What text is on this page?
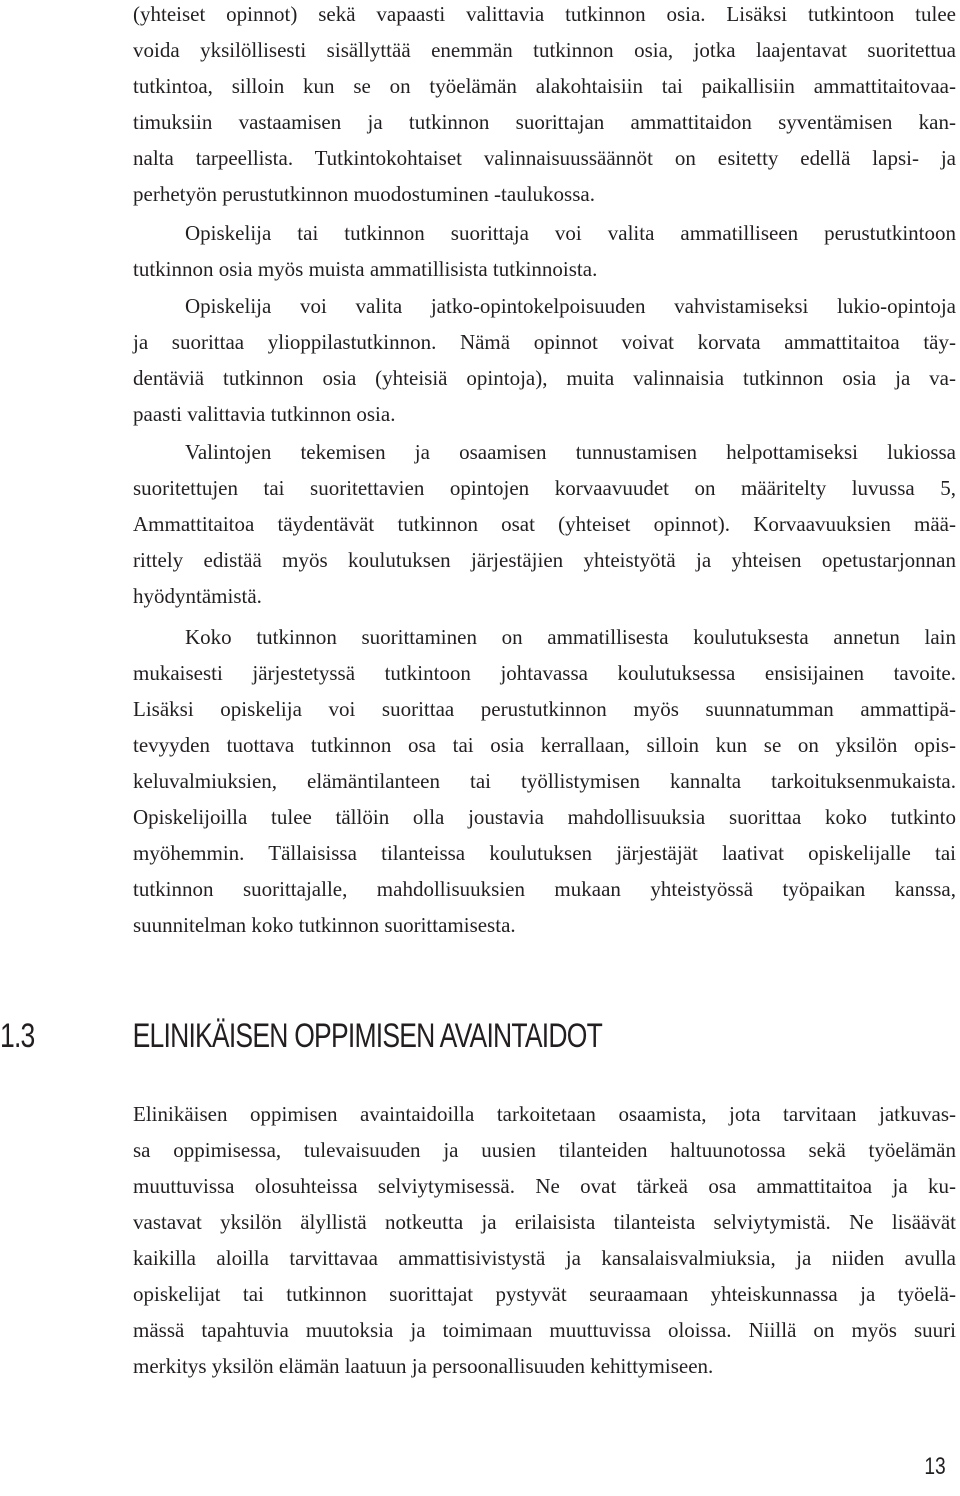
(yhteiset opinnot) sekä vapaasti valittavia tutkinnon osia. Lisäksi tutkintoon tulee
voida yksilöllisesti sisällyttää enemmän tutkinnon osia, jotka laajentavat suoritettua
tutkintoa, silloin kun se on työelämän alakohtaisiin tai paikallisiin ammattitaitovaa-
timuksiin vastaamisen ja tutkinnon suorittajan ammattitaidon syventämisen kan-
nalta tarpeellista. Tutkintokohtaiset valinnaisuussäännöt on esitetty edellä lapsi- ja
perhetyön perustutkinnon muodostuminen -taulukossa.
Opiskelija tai tutkinnon suorittaja voi valita ammatilliseen perustutkintoon
tutkinnon osia myös muista ammatillisista tutkinnoista.
Opiskelija voi valita jatko-opintokelpoisuuden vahvistamiseksi lukio-opintoja
ja suorittaa ylioppilastutkinnon. Nämä opinnot voivat korvata ammattitaitoa täy-
dentäviä tutkinnon osia (yhteisiä opintoja), muita valinnaisia tutkinnon osia ja va-
paasti valittavia tutkinnon osia.
Valintojen tekemisen ja osaamisen tunnustamisen helpottamiseksi lukiossa
suoritettujen tai suoritettavien opintojen korvaavuudet on määritelty luvussa 5,
Ammattitaitoa täydentävät tutkinnon osat (yhteiset opinnot). Korvaavuuksien mää-
rittely edistää myös koulutuksen järjestäjien yhteistyötä ja yhteisen opetustarjonnan
hyödyntämistä.
Koko tutkinnon suorittaminen on ammatillisesta koulutuksesta annetun lain
mukaisesti järjestetyssä tutkintoon johtavassa koulutuksessa ensisijainen tavoite.
Lisäksi opiskelija voi suorittaa perustutkinnon myös suunnatumman ammattipä-
tevyyden tuottava tutkinnon osa tai osia kerrallaan, silloin kun se on yksilön opis-
keluvalmiuksien, elämäntilanteen tai työllistymisen kannalta tarkoituksenmukaista.
Opiskelijoilla tulee tällöin olla joustavia mahdollisuuksia suorittaa koko tutkinto
myöhemmin. Tällaisissa tilanteissa koulutuksen järjestäjät laativat opiskelijalle tai
tutkinnon suorittajalle, mahdollisuuksien mukaan yhteistyössä työpaikan kanssa,
suunnitelman koko tutkinnon suorittamisesta.
1.3	ELINIKÄISEN OPPIMISEN AVAINTAIDOT
Elinikäisen oppimisen avaintaidoilla tarkoitetaan osaamista, jota tarvitaan jatkuvas-
sa oppimisessa, tulevaisuuden ja uusien tilanteiden haltuunotossa sekä työelämän
muuttuvissa olosuhteissa selviytymisessä. Ne ovat tärkeä osa ammattitaitoa ja ku-
vastavat yksilön älyllistä notkeutta ja erilaisista tilanteista selviytymistä. Ne lisäävät
kaikilla aloilla tarvittavaa ammattisivistystä ja kansalaisvalmiuksia, ja niiden avulla
opiskelijat tai tutkinnon suorittajat pystyvät seuraamaan yhteiskunnassa ja työelä-
mässä tapahtuvia muutoksia ja toimimaan muuttuvissa oloissa. Niillä on myös suuri
merkitys yksilön elämän laatuun ja persoonallisuuden kehittymiseen.
13
